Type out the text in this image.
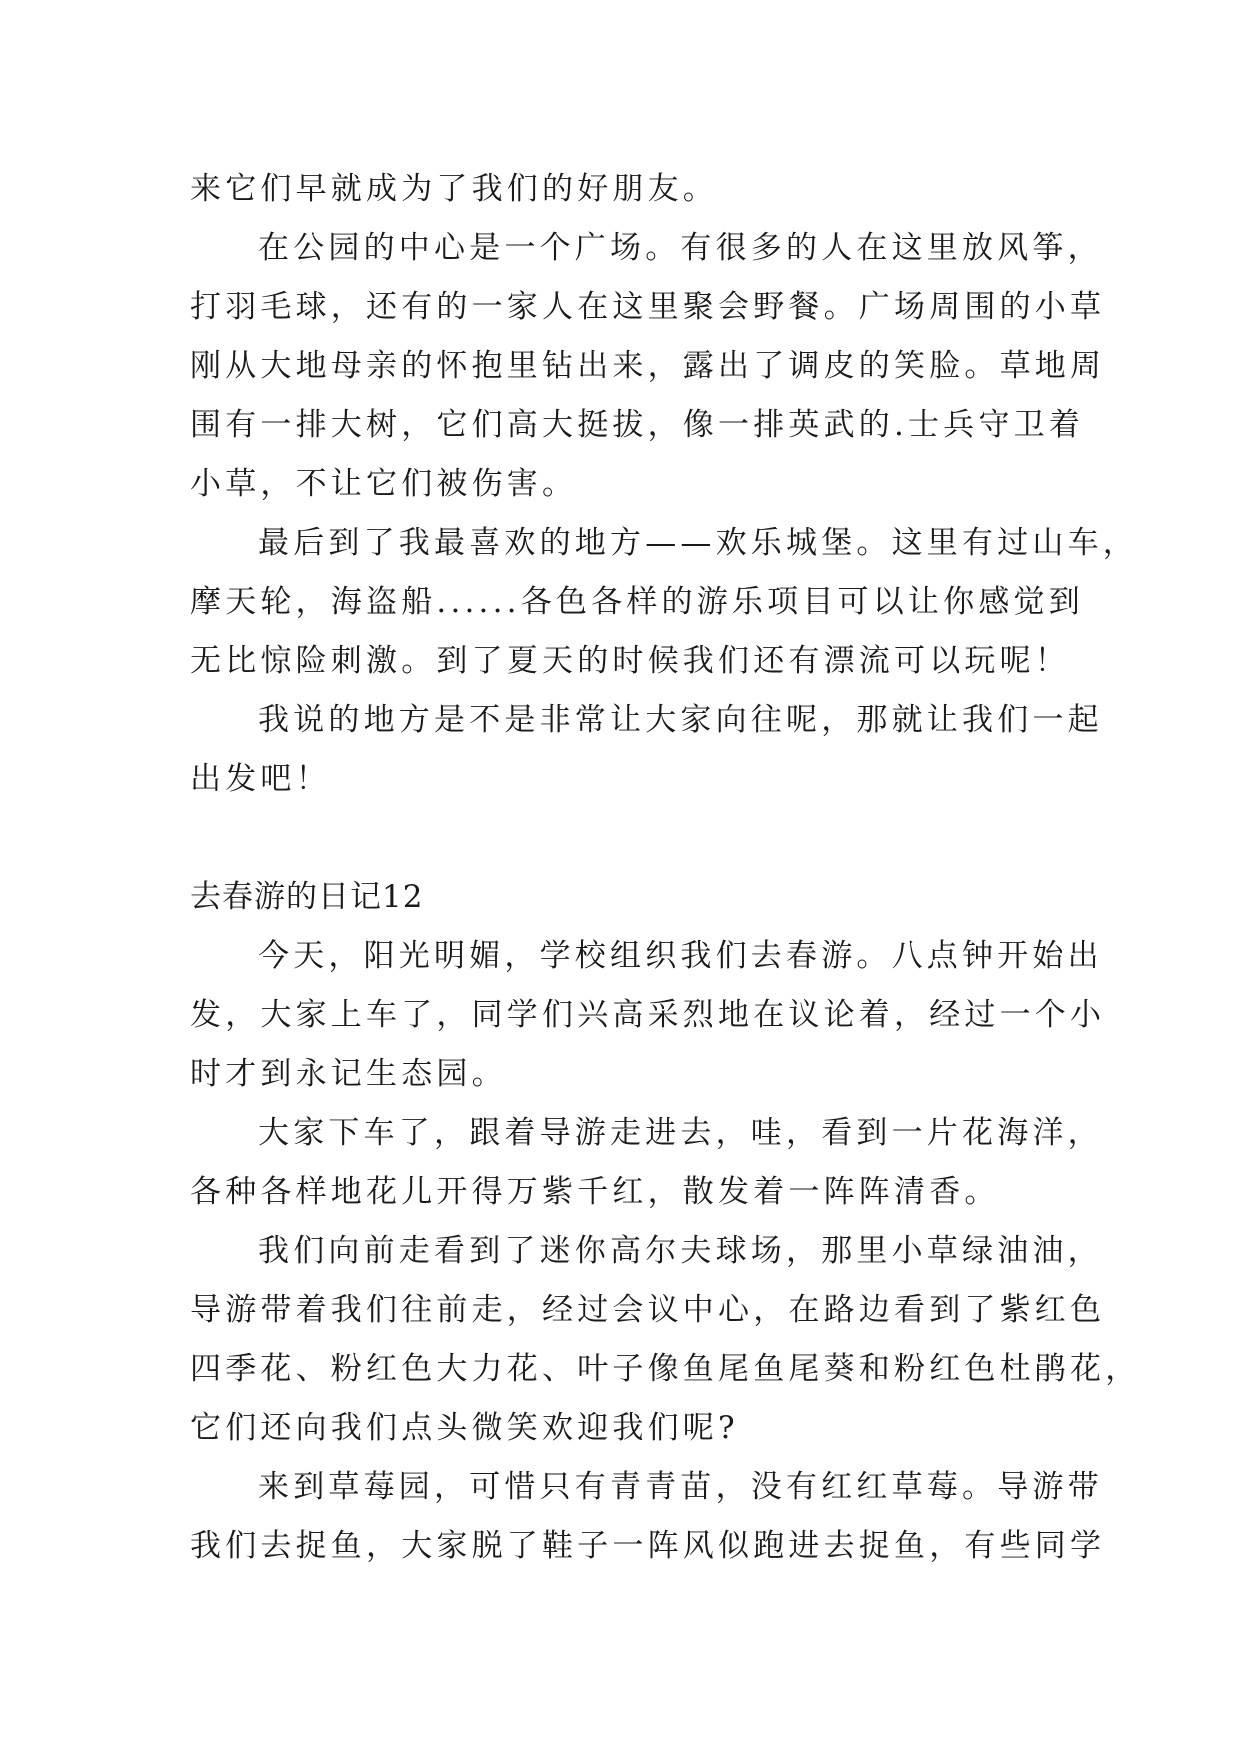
来它们早就成为了我们的好朋友。
在公园的中心是一个广场。有很多的人在这里放风筝，
打羽毛球，还有的一家人在这里聚会野餐。广场周围的小草
刚从大地母亲的怀抱里钻出来，露出了调皮的笑脸。草地周
围有一排大树，它们高大挺拔，像一排英武的.士兵守卫着
小草，不让它们被伤害。
最后到了我最喜欢的地方——欢乐城堡。这里有过山车，
摩天轮，海盗船......各色各样的游乐项目可以让你感觉到
无比惊险刺激。到了夏天的时候我们还有漂流可以玩呢！
我说的地方是不是非常让大家向往呢，那就让我们一起
出发吧！
去春游的日记12
今天，阳光明媚，学校组织我们去春游。八点钟开始出
发，大家上车了，同学们兴高采烈地在议论着，经过一个小
时才到永记生态园。
大家下车了，跟着导游走进去，哇，看到一片花海洋，
各种各样地花儿开得万紫千红，散发着一阵阵清香。
我们向前走看到了迷你高尔夫球场，那里小草绿油油，
导游带着我们往前走，经过会议中心，在路边看到了紫红色
四季花、粉红色大力花、叶子像鱼尾鱼尾葵和粉红色杜鹃花，
它们还向我们点头微笑欢迎我们呢?
来到草莓园，可惜只有青青苗，没有红红草莓。导游带
我们去捉鱼，大家脱了鞋子一阵风似跑进去捉鱼，有些同学
